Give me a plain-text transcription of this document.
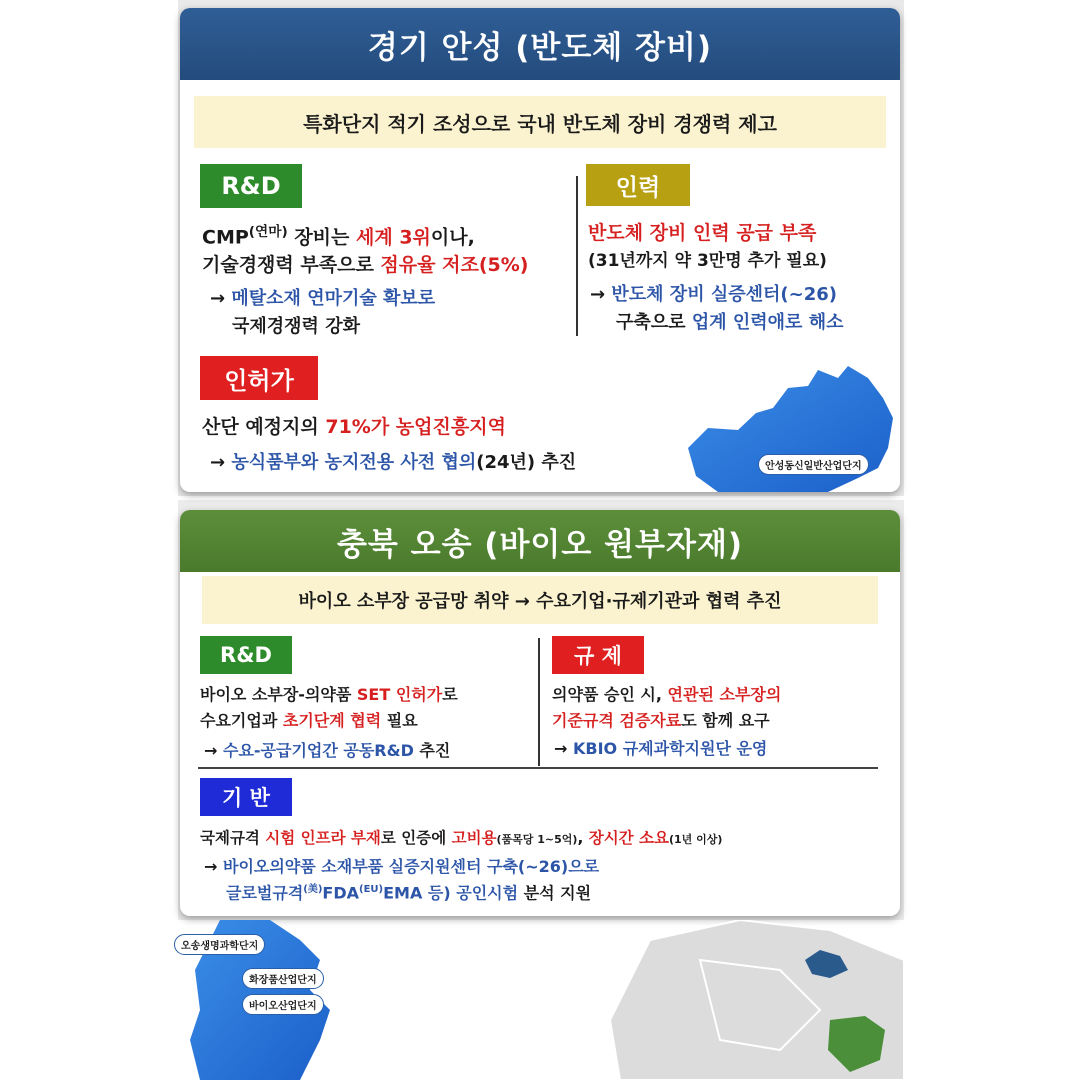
경기 안성 (반도체 장비)
특화단지 적기 조성으로 국내 반도체 장비 경쟁력 제고
R&D
$CMP^{(연마)}$ 장비는 세계 3위이나,
기술경쟁력 부족으로 점유율 저조(5%)
→ 메탈소재 연마기술 확보로
국제경쟁력 강화
인력
반도체 장비 인력 공급 부족
(31년까지 약 3만명 추가 필요)
→ 반도체 장비 실증센터(~26)
구축으로 업계 인력애로 해소
인허가
산단 예정지의 71%가 농업진흥지역
→ 농식품부와 농지전용 사전 협의(24년) 추진	안성동신일반산업단지
충북 오송 (바이오 원부자재)
바이오 소부장 공급망 취약 → 수요기업·규제기관과 협력 추진
R&D
바이오 소부장-의약품 SET 인허가로
수요기업과 초기단계 협력 필요
→ 수요-공급기업간 공동R&D 추진
규 제
의약품 승인 시, 연관된 소부장의
기준규격 검증자료도 함께 요구
→ KBIO 규제과학지원단 운영
기 반
국제규격 시험 인프라 부재로 인증에 고비용(품목당 1~5억), 장시간 소요(1년 이상)
→ 바이오의약품 소재부품 실증지원센터 구축(~26)으로
글로벌규격$^{(美)}FDA^{(EU)}EMA$ 등) 공인시험 분석 지원
오송생명과학단지
화장품산업단지
바이오산업단지
